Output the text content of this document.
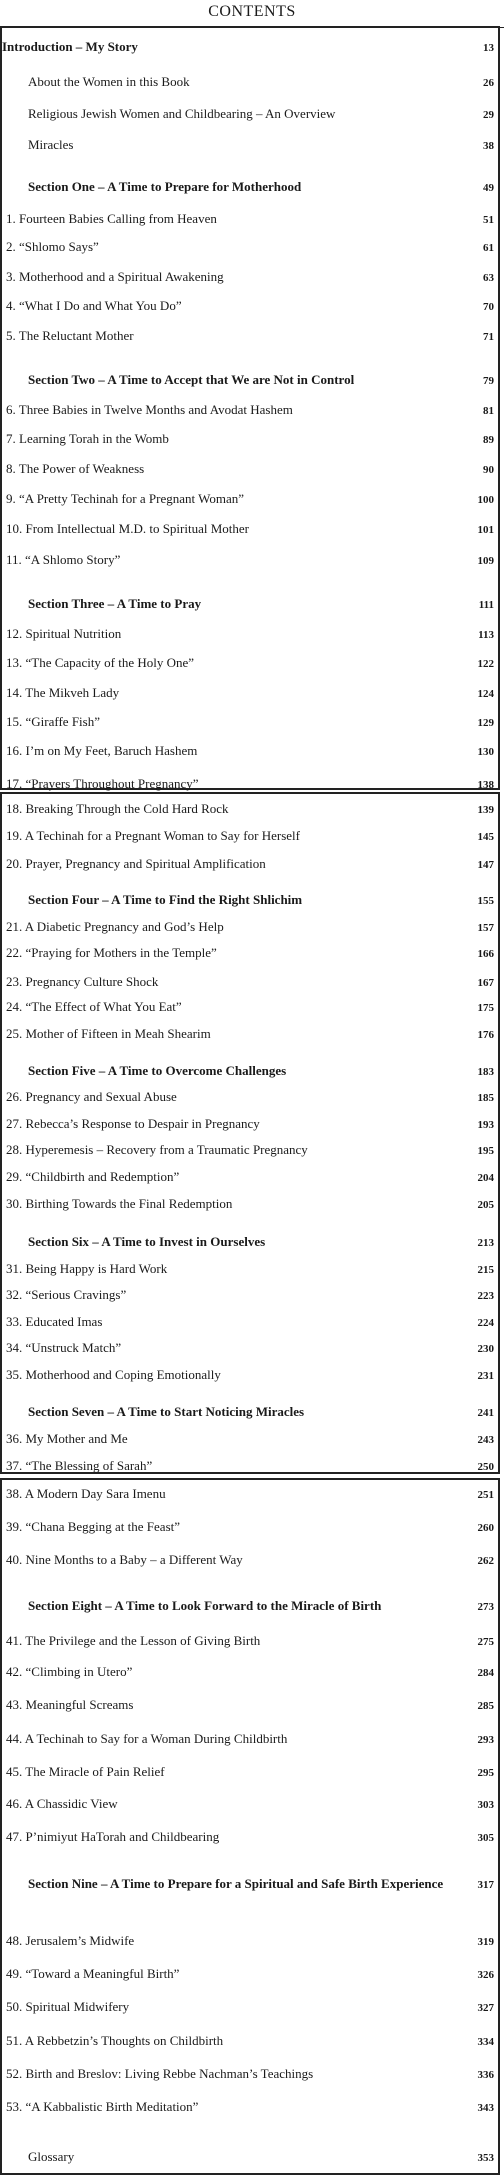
CONTENTS
Introduction – My Story	13
About the Women in this Book	26
Religious Jewish Women and Childbearing – An Overview	29
Miracles	38
Section One – A Time to Prepare for Motherhood	49
1. Fourteen Babies Calling from Heaven	51
2. “Shlomo Says”	61
3. Motherhood and a Spiritual Awakening	63
4. “What I Do and What You Do”	70
5. The Reluctant Mother	71
Section Two – A Time to Accept that We are Not in Control	79
6. Three Babies in Twelve Months and Avodat Hashem	81
7. Learning Torah in the Womb	89
8. The Power of Weakness	90
9. “A Pretty Techinah for a Pregnant Woman”	100
10. From Intellectual M.D. to Spiritual Mother	101
11. “A Shlomo Story”	109
Section Three – A Time to Pray	111
12. Spiritual Nutrition	113
13. “The Capacity of the Holy One”	122
14. The Mikveh Lady	124
15. “Giraffe Fish”	129
16. I’m on My Feet, Baruch Hashem	130
17. “Prayers Throughout Pregnancy”	138
18. Breaking Through the Cold Hard Rock	139
19. A Techinah for a Pregnant Woman to Say for Herself	145
20. Prayer, Pregnancy and Spiritual Amplification	147
Section Four – A Time to Find the Right Shlichim	155
21. A Diabetic Pregnancy and God’s Help	157
22. “Praying for Mothers in the Temple”	166
23. Pregnancy Culture Shock	167
24. “The Effect of What You Eat”	175
25. Mother of Fifteen in Meah Shearim	176
Section Five – A Time to Overcome Challenges	183
26. Pregnancy and Sexual Abuse	185
27. Rebecca’s Response to Despair in Pregnancy	193
28. Hyperemesis – Recovery from a Traumatic Pregnancy	195
29. “Childbirth and Redemption”	204
30. Birthing Towards the Final Redemption	205
Section Six – A Time to Invest in Ourselves	213
31. Being Happy is Hard Work	215
32. “Serious Cravings”	223
33. Educated Imas	224
34. “Unstruck Match”	230
35. Motherhood and Coping Emotionally	231
Section Seven – A Time to Start Noticing Miracles	241
36. My Mother and Me	243
37. “The Blessing of Sarah”	250
38. A Modern Day Sara Imenu	251
39. “Chana Begging at the Feast”	260
40. Nine Months to a Baby – a Different Way	262
Section Eight – A Time to Look Forward to the Miracle of Birth	273
41. The Privilege and the Lesson of Giving Birth	275
42. “Climbing in Utero”	284
43. Meaningful Screams	285
44. A Techinah to Say for a Woman During Childbirth	293
45. The Miracle of Pain Relief	295
46. A Chassidic View	303
47. P’nimiyut HaTorah and Childbearing	305
Section Nine – A Time to Prepare for a Spiritual and Safe Birth Experience	317
48. Jerusalem’s Midwife	319
49. “Toward a Meaningful Birth”	326
50. Spiritual Midwifery	327
51. A Rebbetzin’s Thoughts on Childbirth	334
52. Birth and Breslov: Living Rebbe Nachman’s Teachings	336
53. “A Kabbalistic Birth Meditation”	343
Glossary	353
